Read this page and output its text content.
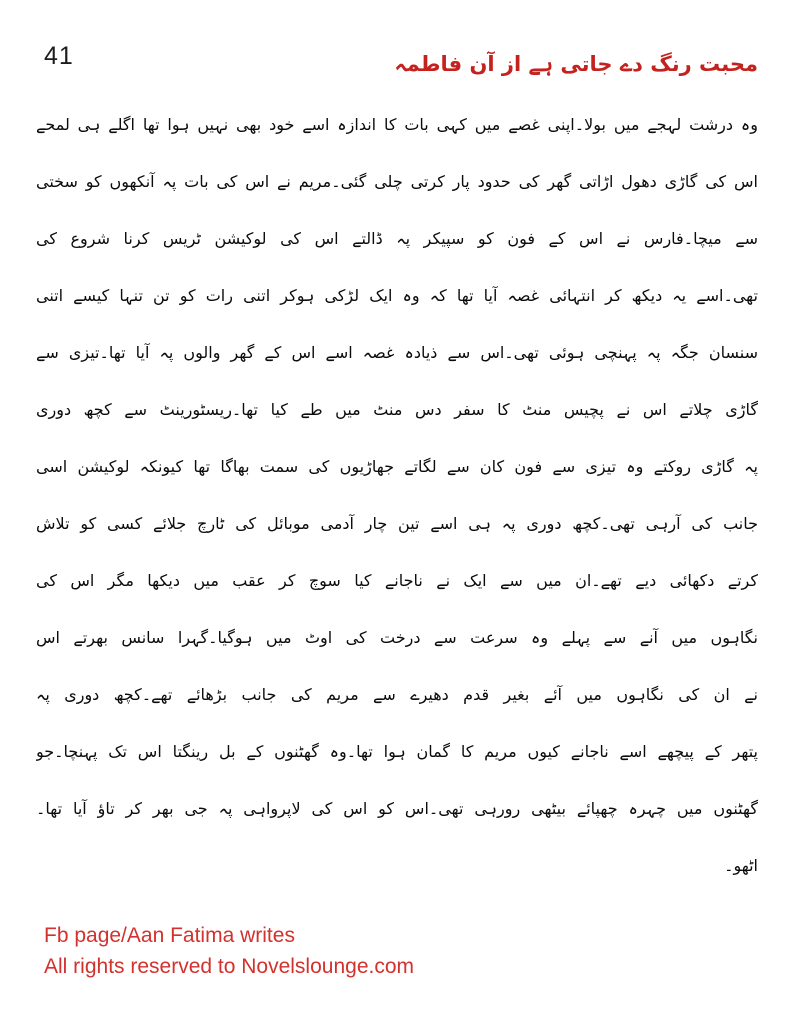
41	محبت رنگ دے جاتی ہے از آن فاطمہ
وہ درشت لہجے میں بولا۔اپنی غصے میں کہی بات کا اندازہ اسے خود بھی نہیں ہوا تھا اگلے ہی لمحے
اس کی گاڑی دھول اڑاتی گھر کی حدود پار کرتی چلی گئی۔مریم نے اس کی بات پہ آنکھوں کو سختی
سے میچا۔فارس نے اس کے فون کو سپیکر پہ ڈالتے اس کی لوکیشن ٹریس کرنا شروع کی
تھی۔اسے یہ دیکھ کر انتہائی غصہ آیا تھا کہ وہ ایک لڑکی ہوکر اتنی رات کو تن تنہا کیسے اتنی
سنسان جگہ پہ پہنچی ہوئی تھی۔اس سے ذیادہ غصہ اسے اس کے گھر والوں پہ آیا تھا۔تیزی سے
گاڑی چلاتے اس نے پچیس منٹ کا سفر دس منٹ میں طے کیا تھا۔ریسٹورینٹ سے کچھ دوری
پہ گاڑی روکتے وہ تیزی سے فون کان سے لگاتے جھاڑیوں کی سمت بھاگا تھا کیونکہ لوکیشن اسی
جانب کی آرہی تھی۔کچھ دوری پہ ہی اسے تین چار آدمی موبائل کی ٹارچ جلائے کسی کو تلاش
کرتے دکھائی دیے تھے۔ان میں سے ایک نے ناجانے کیا سوچ کر عقب میں دیکھا مگر اس کی
نگاہوں میں آنے سے پہلے وہ سرعت سے درخت کی اوٹ میں ہوگیا۔گہرا سانس بھرتے اس
نے ان کی نگاہوں میں آئے بغیر قدم دھیرے سے مریم کی جانب بڑھائے تھے۔کچھ دوری پہ
پتھر کے پیچھے اسے ناجانے کیوں مریم کا گمان ہوا تھا۔وہ گھٹنوں کے بل رینگتا اس تک پہنچا۔جو
گھٹنوں میں چہرہ چھپائے بیٹھی رورہی تھی۔اس کو اس کی لاپرواہی پہ جی بھر کر تاؤ آیا تھا۔
اٹھو۔
Fb page/Aan Fatima writes
All rights reserved to Novelslounge.com
